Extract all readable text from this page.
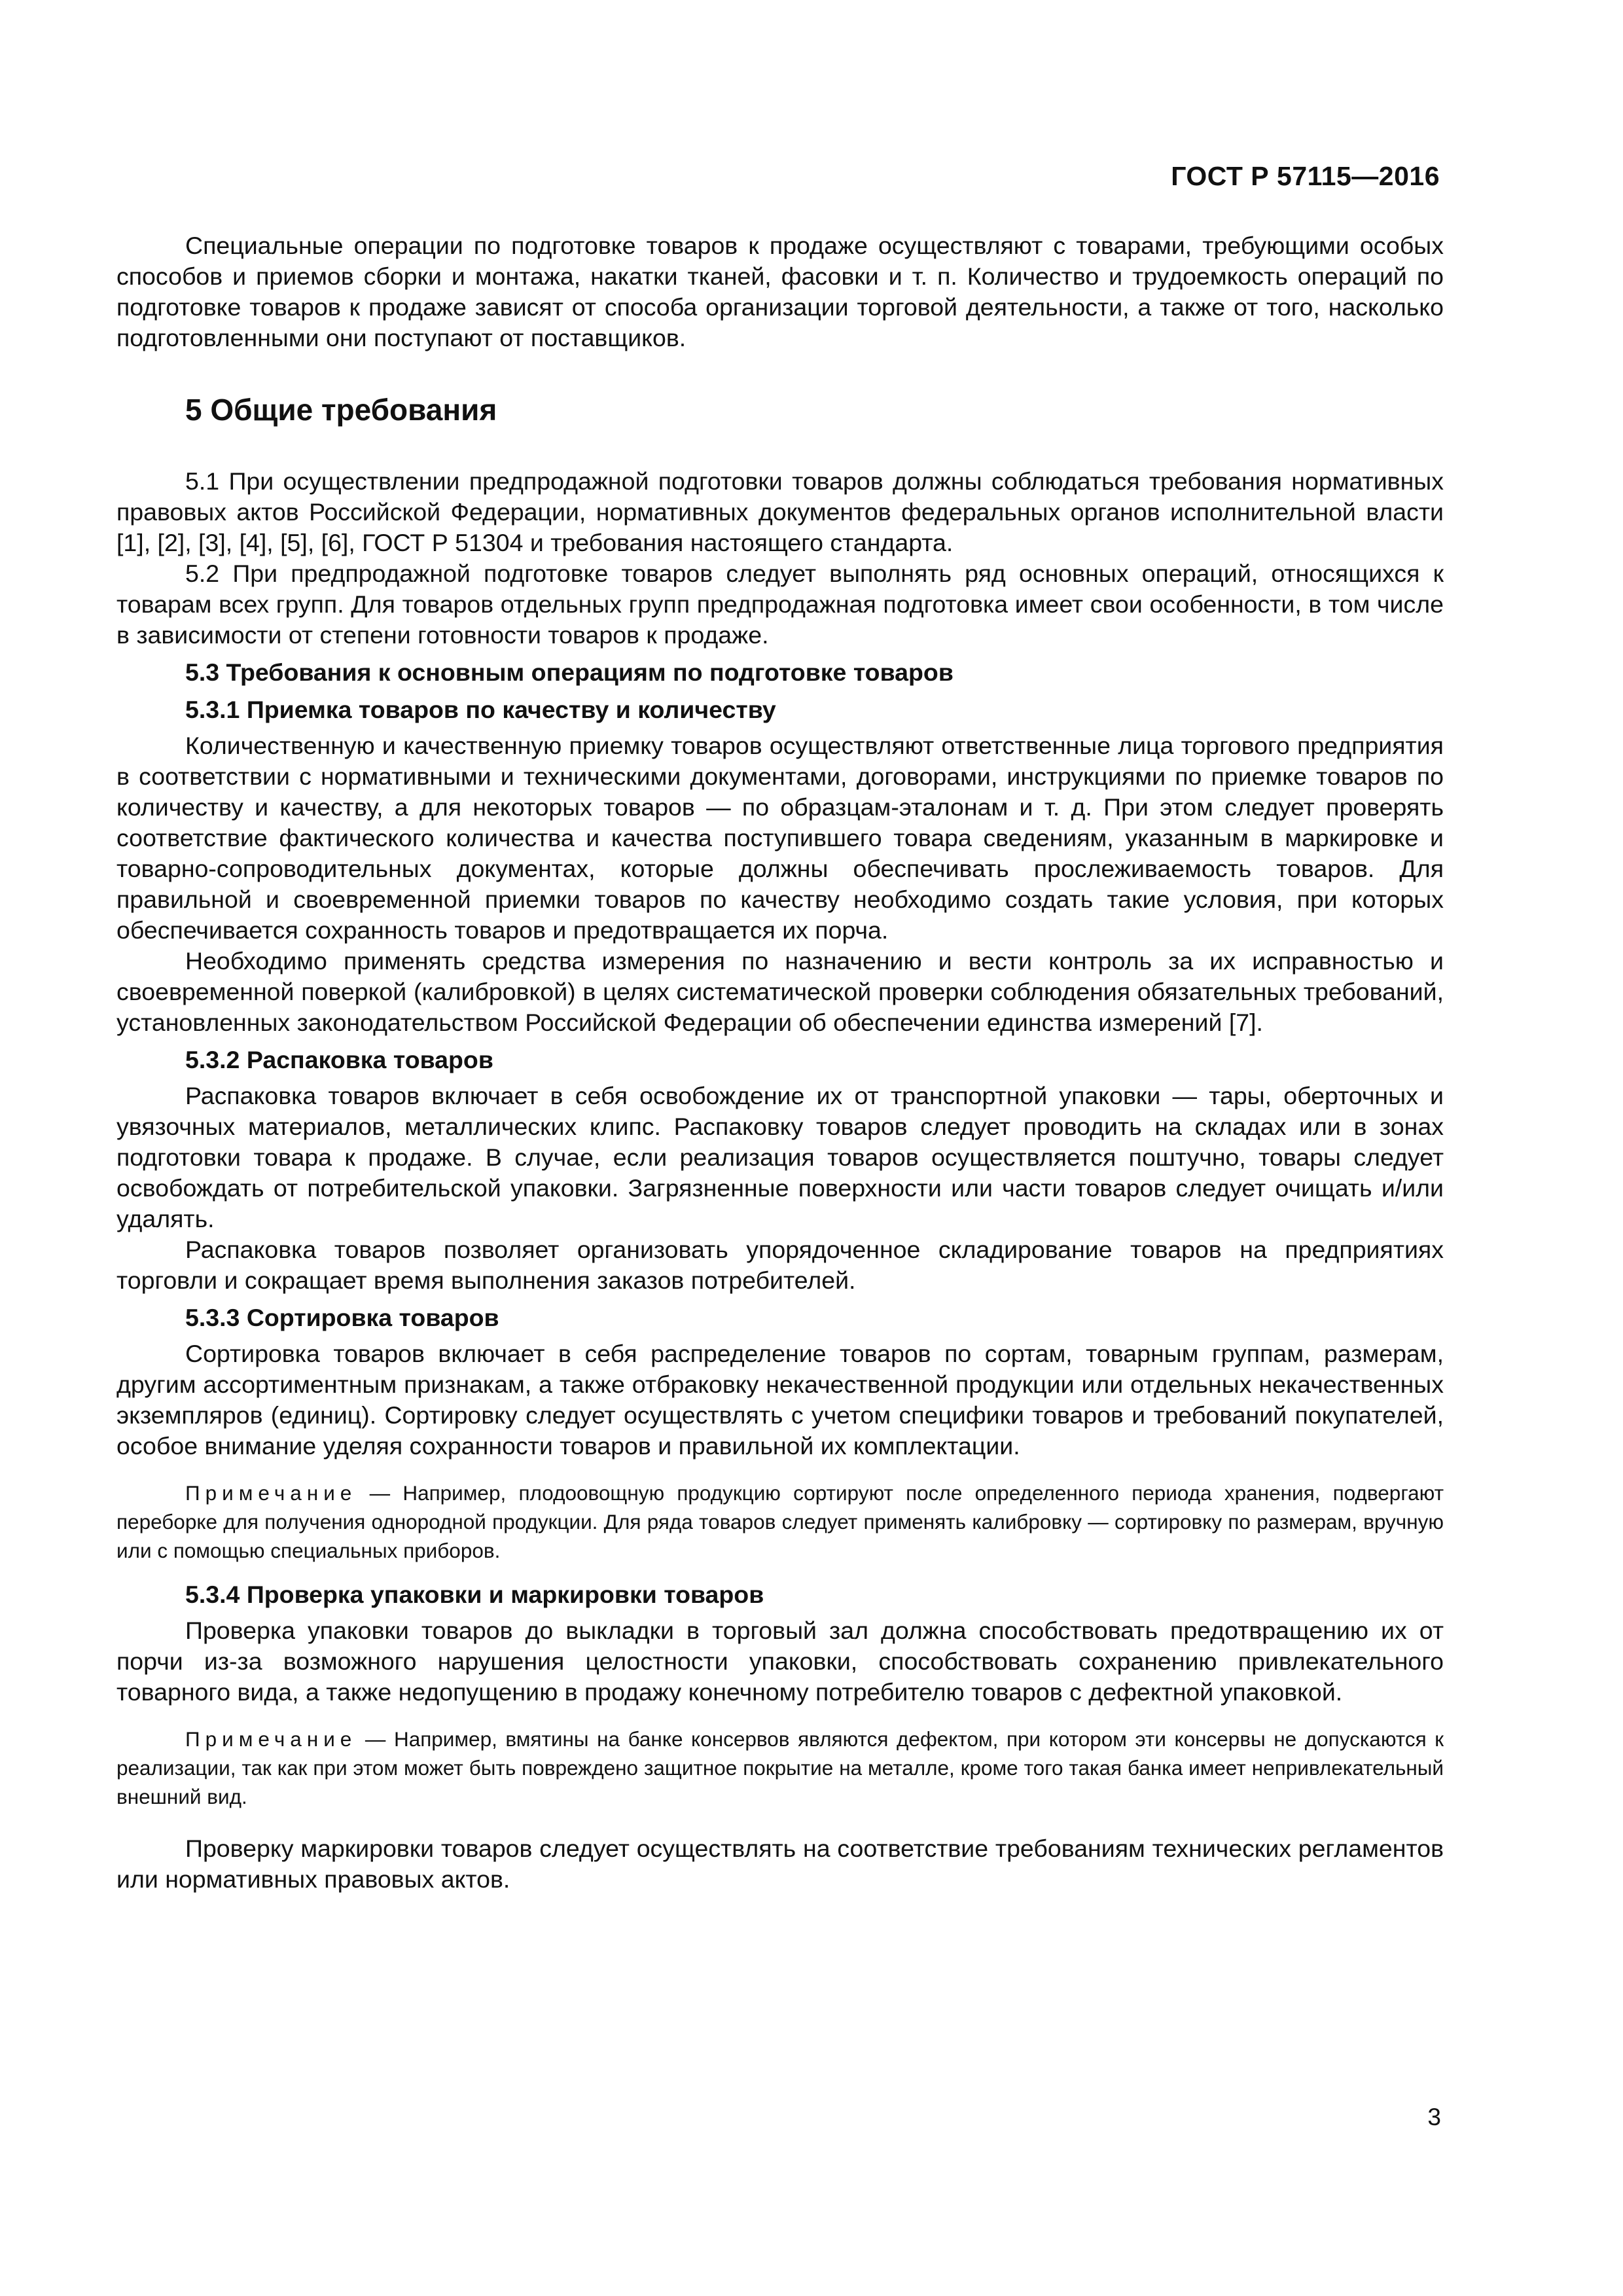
ГОСТ Р 57115—2016

Специальные операции по подготовке товаров к продаже осуществляют с товарами, требующими особых способов и приемов сборки и монтажа, накатки тканей, фасовки и т. п. Количество и трудоемкость операций по подготовке товаров к продаже зависят от способа организации торговой деятельности, а также от того, насколько подготовленными они поступают от поставщиков.

5 Общие требования

5.1 При осуществлении предпродажной подготовки товаров должны соблюдаться требования нормативных правовых актов Российской Федерации, нормативных документов федеральных органов исполнительной власти [1], [2], [3], [4], [5], [6], ГОСТ Р 51304 и требования настоящего стандарта.

5.2 При предпродажной подготовке товаров следует выполнять ряд основных операций, относящихся к товарам всех групп. Для товаров отдельных групп предпродажная подготовка имеет свои особенности, в том числе в зависимости от степени готовности товаров к продаже.

5.3 Требования к основным операциям по подготовке товаров
5.3.1 Приемка товаров по качеству и количеству

Количественную и качественную приемку товаров осуществляют ответственные лица торгового предприятия в соответствии с нормативными и техническими документами, договорами, инструкциями по приемке товаров по количеству и качеству, а для некоторых товаров — по образцам-эталонам и т. д. При этом следует проверять соответствие фактического количества и качества поступившего товара сведениям, указанным в маркировке и товарно-сопроводительных документах, которые должны обеспечивать прослеживаемость товаров. Для правильной и своевременной приемки товаров по качеству необходимо создать такие условия, при которых обеспечивается сохранность товаров и предотвращается их порча.

Необходимо применять средства измерения по назначению и вести контроль за их исправностью и своевременной поверкой (калибровкой) в целях систематической проверки соблюдения обязательных требований, установленных законодательством Российской Федерации об обеспечении единства измерений [7].

5.3.2 Распаковка товаров

Распаковка товаров включает в себя освобождение их от транспортной упаковки — тары, оберточных и увязочных материалов, металлических клипс. Распаковку товаров следует проводить на складах или в зонах подготовки товара к продаже. В случае, если реализация товаров осуществляется поштучно, товары следует освобождать от потребительской упаковки. Загрязненные поверхности или части товаров следует очищать и/или удалять.

Распаковка товаров позволяет организовать упорядоченное складирование товаров на предприятиях торговли и сокращает время выполнения заказов потребителей.

5.3.3 Сортировка товаров

Сортировка товаров включает в себя распределение товаров по сортам, товарным группам, размерам, другим ассортиментным признакам, а также отбраковку некачественной продукции или отдельных некачественных экземпляров (единиц). Сортировку следует осуществлять с учетом специфики товаров и требований покупателей, особое внимание уделяя сохранности товаров и правильной их комплектации.

Примечание — Например, плодоовощную продукцию сортируют после определенного периода хранения, подвергают переборке для получения однородной продукции. Для ряда товаров следует применять калибровку — сортировку по размерам, вручную или с помощью специальных приборов.
5.3.4 Проверка упаковки и маркировки товаров

Проверка упаковки товаров до выкладки в торговый зал должна способствовать предотвращению их от порчи из-за возможного нарушения целостности упаковки, способствовать сохранению привлекательного товарного вида, а также недопущению в продажу конечному потребителю товаров с дефектной упаковкой.

Примечание — Например, вмятины на банке консервов являются дефектом, при котором эти консервы не допускаются к реализации, так как при этом может быть повреждено защитное покрытие на металле, кроме того такая банка имеет непривлекательный внешний вид.

Проверку маркировки товаров следует осуществлять на соответствие требованиям технических регламентов или нормативных правовых актов.

3
